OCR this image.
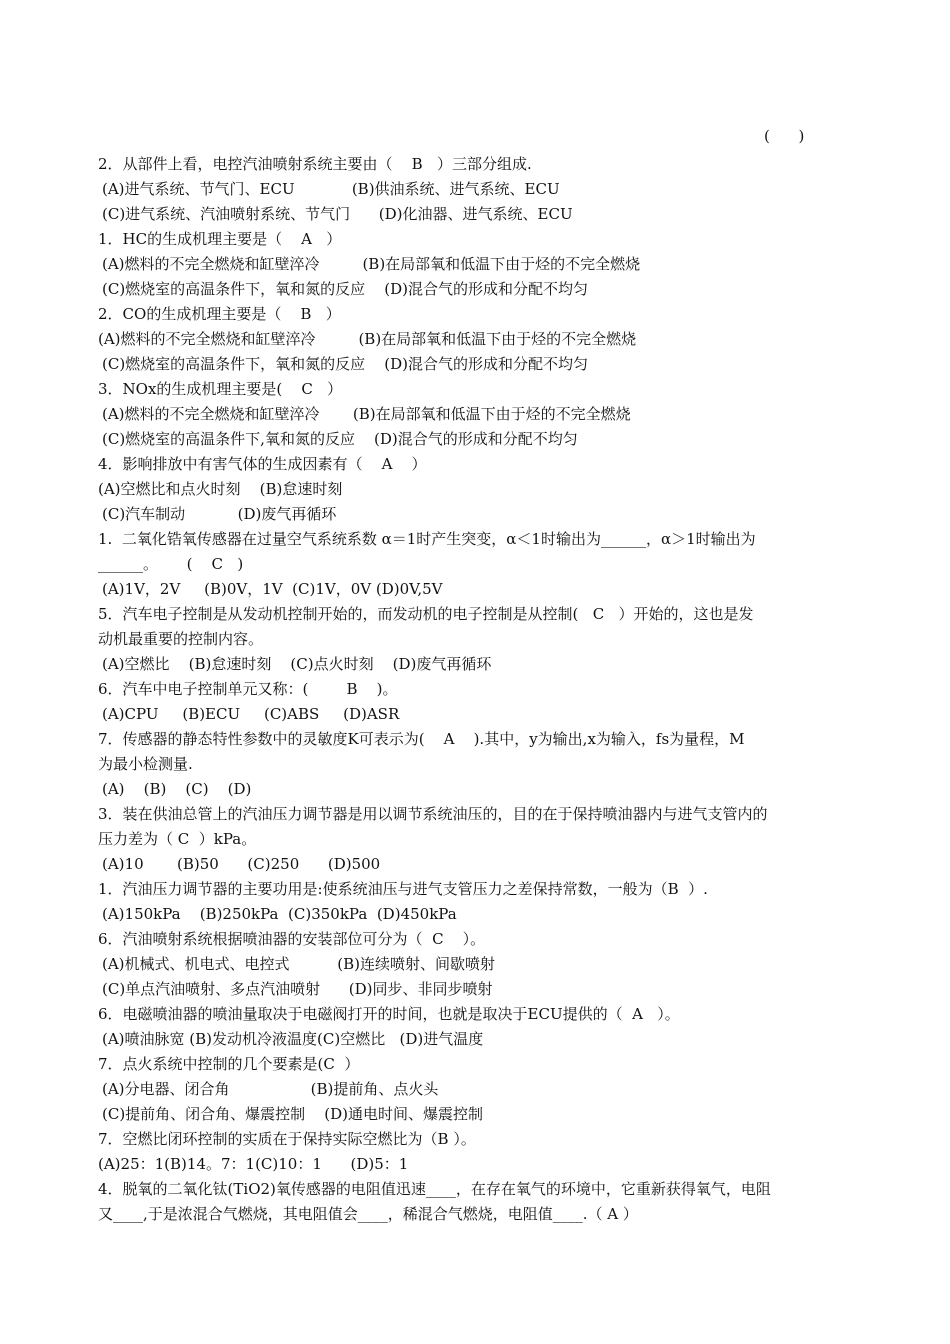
(      )
2．从部件上看，电控汽油喷射系统主要由（    B   ）三部分组成.
(A)进气系统、节气门、ECU            (B)供油系统、进气系统、ECU
(C)进气系统、汽油喷射系统、节气门      (D)化油器、进气系统、ECU
1．HC的生成机理主要是（    A   ）
(A)燃料的不完全燃烧和缸壁淬冷         (B)在局部氧和低温下由于烃的不完全燃烧
(C)燃烧室的高温条件下，氧和氮的反应    (D)混合气的形成和分配不均匀
2．CO的生成机理主要是（    B   ）
(A)燃料的不完全燃烧和缸壁淬冷         (B)在局部氧和低温下由于烃的不完全燃烧
(C)燃烧室的高温条件下，氧和氮的反应    (D)混合气的形成和分配不均匀
3．NOx的生成机理主要是(    C   ）
(A)燃料的不完全燃烧和缸壁淬冷       (B)在局部氧和低温下由于烃的不完全燃烧
(C)燃烧室的高温条件下,氧和氮的反应    (D)混合气的形成和分配不均匀
4．影响排放中有害气体的生成因素有（    A    ）
(A)空燃比和点火时刻    (B)怠速时刻
(C)汽车制动           (D)废气再循环
1.  二氧化锆氧传感器在过量空气系统系数 α＝1时产生突变，α＜1时输出为______，α＞1时输出为
______。      (    C   )
(A)1V，2V     (B)0V，1V  (C)1V，0V (D)0V,5V
5．汽车电子控制是从发动机控制开始的，而发动机的电子控制是从控制(   C   ）开始的，这也是发
动机最重要的控制内容。
(A)空燃比    (B)怠速时刻    (C)点火时刻    (D)废气再循环
6．汽车中电子控制单元又称：(        B    )。
(A)CPU     (B)ECU     (C)ABS     (D)ASR
7．传感器的静态特性参数中的灵敏度K可表示为(    A    ).其中，y为输出,x为输入，fs为量程，M
为最小检测量.
(A)    (B)    (C)    (D)
3．装在供油总管上的汽油压力调节器是用以调节系统油压的，目的在于保持喷油器内与进气支管内的
压力差为（ C  ）kPa。
(A)10       (B)50      (C)250      (D)500
1．汽油压力调节器的主要功用是:使系统油压与进气支管压力之差保持常数，一般为（B  ）.
(A)150kPa    (B)250kPa  (C)350kPa  (D)450kPa
6．汽油喷射系统根据喷油器的安装部位可分为（  C    ）。
(A)机械式、机电式、电控式          (B)连续喷射、间歇喷射
(C)单点汽油喷射、多点汽油喷射      (D)同步、非同步喷射
6．电磁喷油器的喷油量取决于电磁阀打开的时间，也就是取决于ECU提供的（  A   ）。
(A)喷油脉宽 (B)发动机冷液温度(C)空燃比   (D)进气温度
7．点火系统中控制的几个要素是(C  ）
(A)分电器、闭合角                 (B)提前角、点火头
(C)提前角、闭合角、爆震控制    (D)通电时间、爆震控制
7．空燃比闭环控制的实质在于保持实际空燃比为（B ）。
(A)25：1(B)14。7：1(C)10：1      (D)5：1
4．脱氧的二氧化钛(TiO2)氧传感器的电阻值迅速____，在存在氧气的环境中，它重新获得氧气，电阻
又____,于是浓混合气燃烧，其电阻值会____，稀混合气燃烧，电阻值____.（ A ）
